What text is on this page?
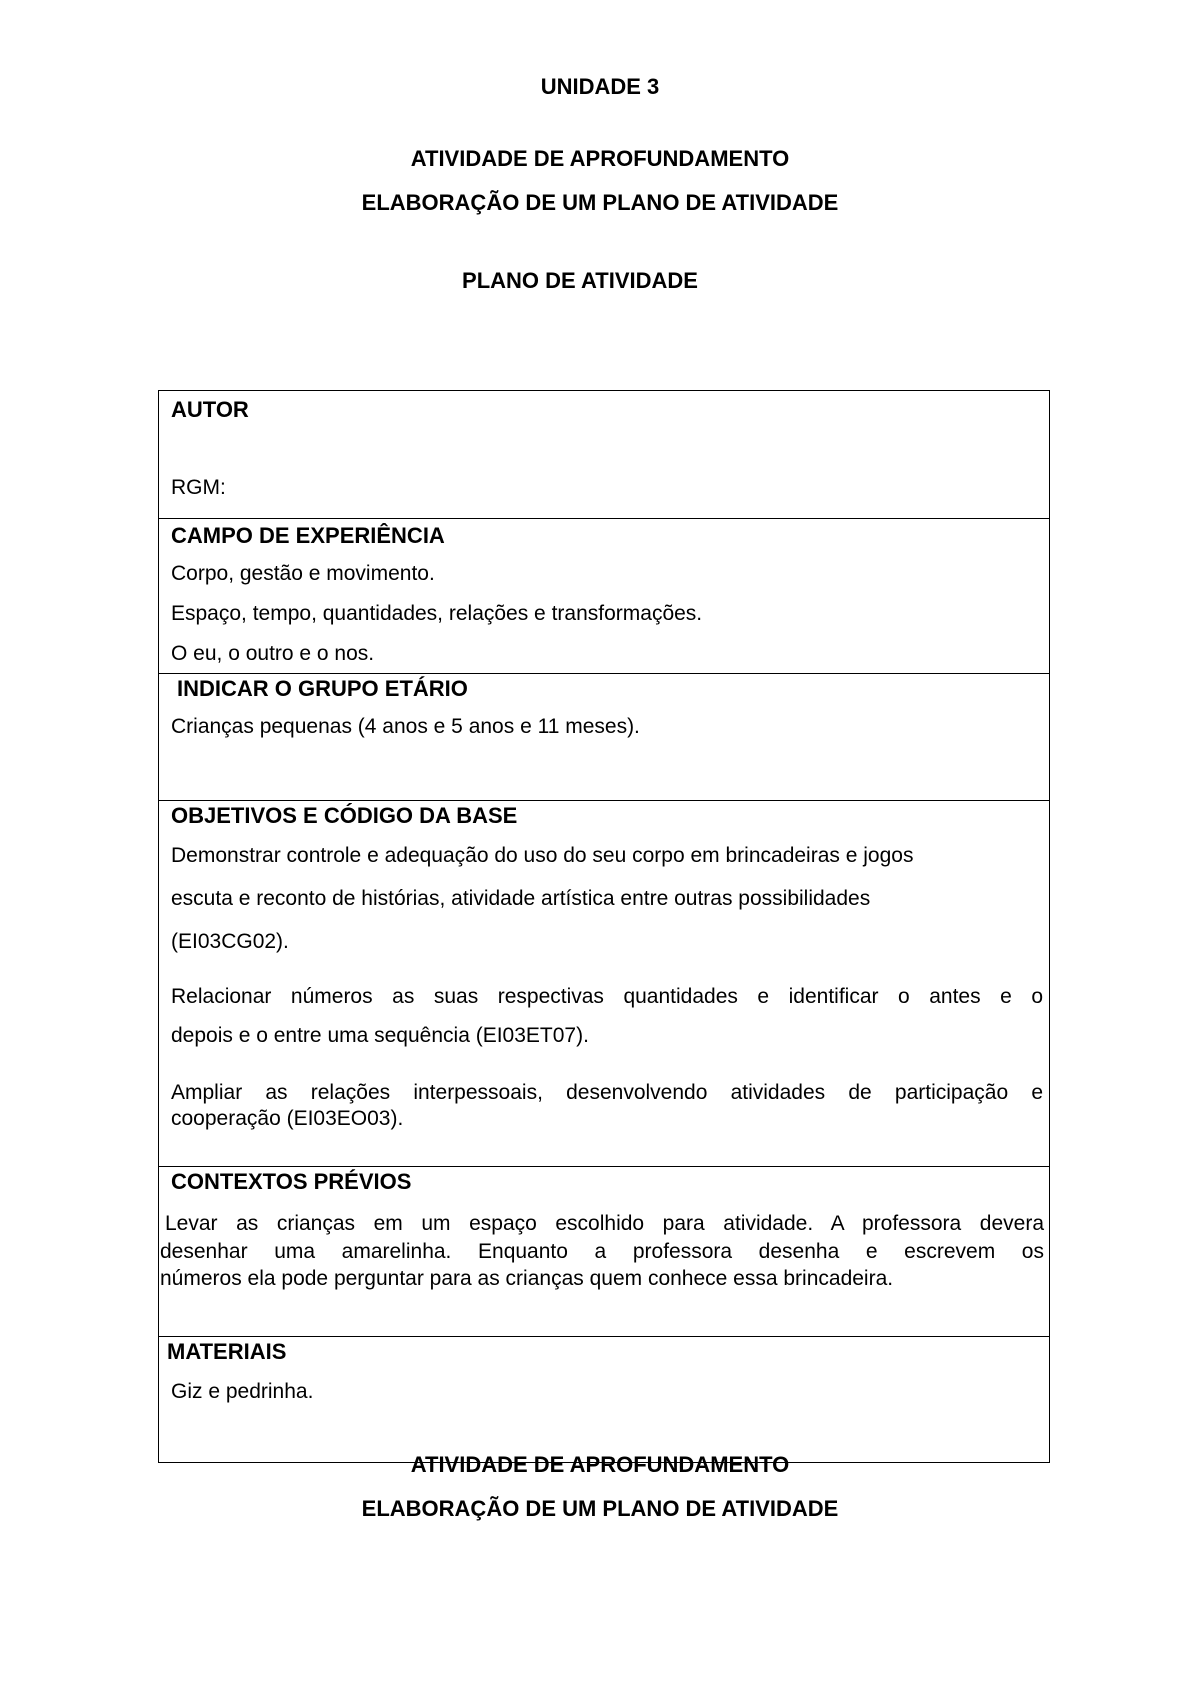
UNIDADE 3
ATIVIDADE DE APROFUNDAMENTO
ELABORAÇÃO DE UM PLANO DE ATIVIDADE
PLANO DE ATIVIDADE
AUTOR
RGM:
CAMPO DE EXPERIÊNCIA
Corpo, gestão e movimento.
Espaço, tempo, quantidades, relações e transformações.
O eu, o outro e o nos.
INDICAR O GRUPO ETÁRIO
Crianças pequenas (4 anos e 5 anos e 11 meses).
OBJETIVOS E CÓDIGO DA BASE
Demonstrar controle e adequação do uso do seu corpo em brincadeiras e jogos
escuta e reconto de histórias, atividade artística entre outras possibilidades
(EI03CG02).
Relacionar números as suas respectivas quantidades e identificar o antes e o
depois e o entre uma sequência (EI03ET07).
Ampliar as relações interpessoais, desenvolvendo atividades de participação e
cooperação (EI03EO03).
CONTEXTOS PRÉVIOS
Levar as crianças em um espaço escolhido para atividade. A professora devera
desenhar uma amarelinha. Enquanto a professora desenha e escrevem os
números ela pode perguntar para as crianças quem conhece essa brincadeira.
MATERIAIS
Giz e pedrinha.
ATIVIDADE DE APROFUNDAMENTO
ELABORAÇÃO DE UM PLANO DE ATIVIDADE
